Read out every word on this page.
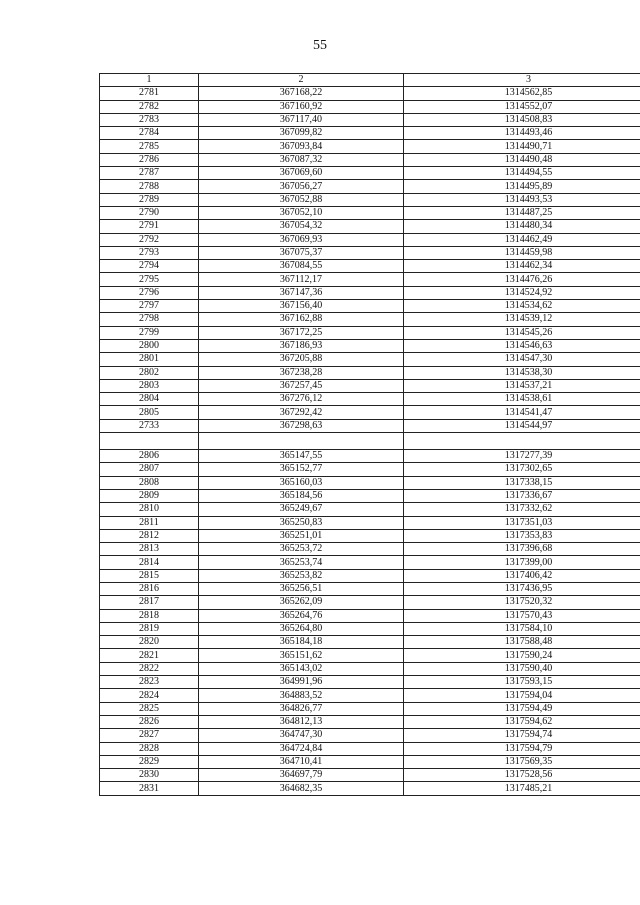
55
1	2	3
2781	367168,22	1314562,85
2782	367160,92	1314552,07
2783	367117,40	1314508,83
2784	367099,82	1314493,46
2785	367093,84	1314490,71
2786	367087,32	1314490,48
2787	367069,60	1314494,55
2788	367056,27	1314495,89
2789	367052,88	1314493,53
2790	367052,10	1314487,25
2791	367054,32	1314480,34
2792	367069,93	1314462,49
2793	367075,37	1314459,98
2794	367084,55	1314462,34
2795	367112,17	1314476,26
2796	367147,36	1314524,92
2797	367156,40	1314534,62
2798	367162,88	1314539,12
2799	367172,25	1314545,26
2800	367186,93	1314546,63
2801	367205,88	1314547,30
2802	367238,28	1314538,30
2803	367257,45	1314537,21
2804	367276,12	1314538,61
2805	367292,42	1314541,47
2733	367298,63	1314544,97

2806	365147,55	1317277,39
2807	365152,77	1317302,65
2808	365160,03	1317338,15
2809	365184,56	1317336,67
2810	365249,67	1317332,62
2811	365250,83	1317351,03
2812	365251,01	1317353,83
2813	365253,72	1317396,68
2814	365253,74	1317399,00
2815	365253,82	1317406,42
2816	365256,51	1317436,95
2817	365262,09	1317520,32
2818	365264,76	1317570,43
2819	365264,80	1317584,10
2820	365184,18	1317588,48
2821	365151,62	1317590,24
2822	365143,02	1317590,40
2823	364991,96	1317593,15
2824	364883,52	1317594,04
2825	364826,77	1317594,49
2826	364812,13	1317594,62
2827	364747,30	1317594,74
2828	364724,84	1317594,79
2829	364710,41	1317569,35
2830	364697,79	1317528,56
2831	364682,35	1317485,21
